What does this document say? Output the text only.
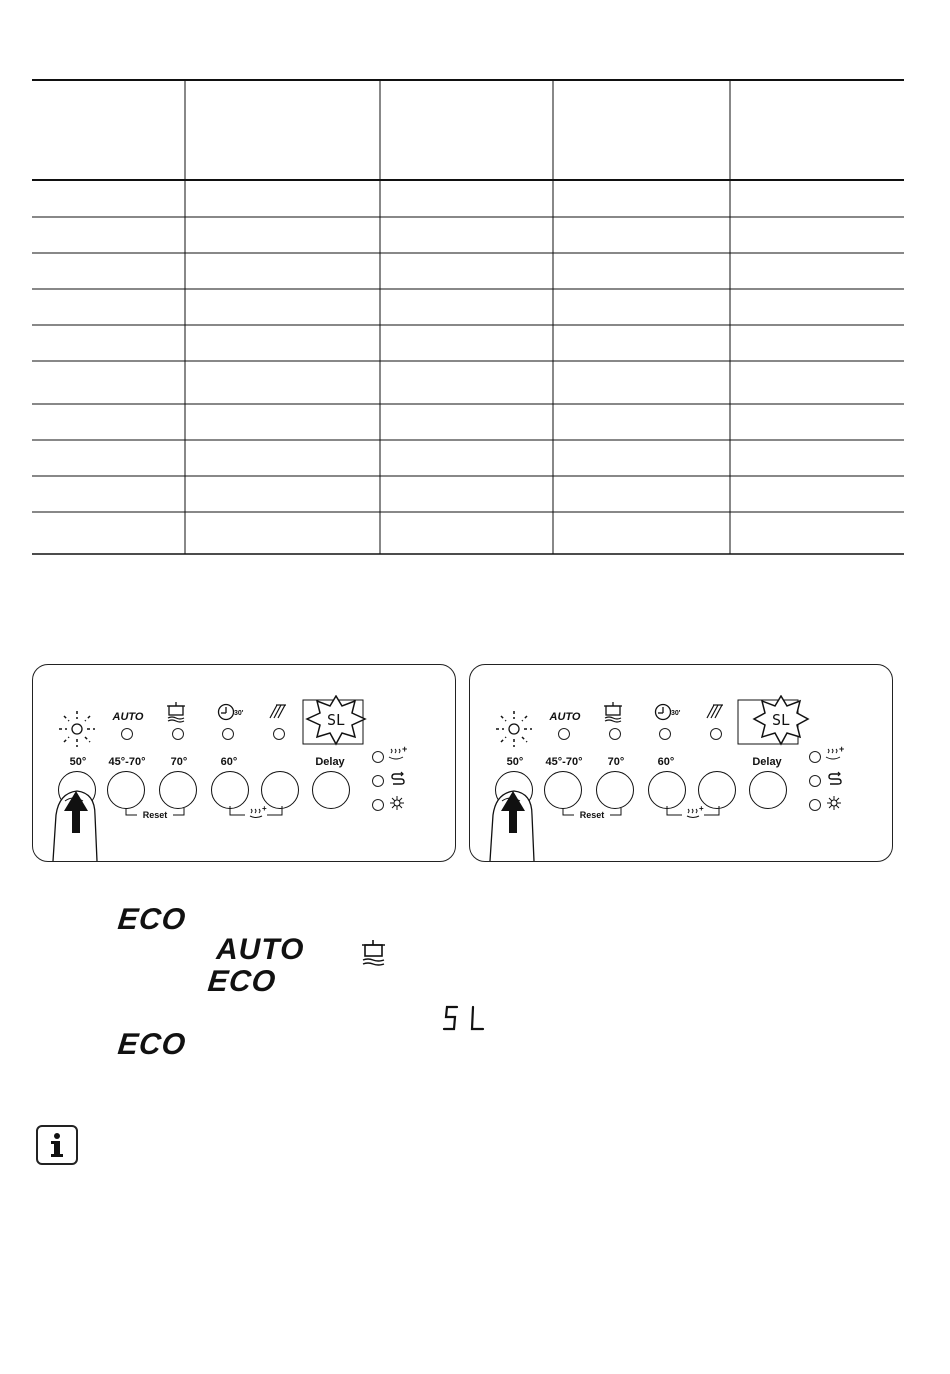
AUTO	30'	SL
50° 45°-70° 70°	60°	Delay
Reset
+
+
AUTO	30'	SL
50° 45°-70° 70°	60°	Delay
Reset
+
+
ECO
AUTO
ECO
SL
ECO
